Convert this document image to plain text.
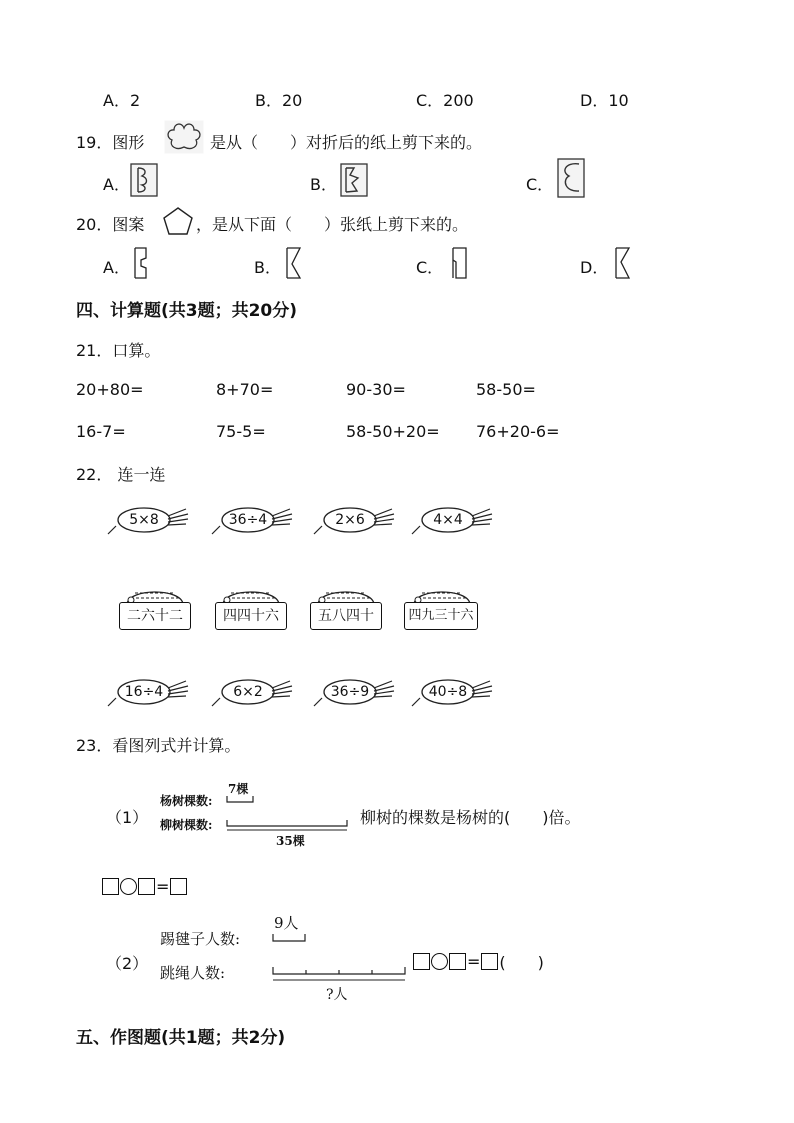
A．2	B．20	C．200	D．10
19．图形	是从（　　）对折后的纸上剪下来的。
A．	B．	C．
20．图案	，是从下面（　　）张纸上剪下来的。
A．	B．	C．	D．
四、计算题(共3题；共20分)
21．口算。
20+80=	8+70=	90-30=	58-50=
16-7=	75-5=	58-50+20= 76+20-6=
22． 连一连
5×8	36÷4	2×6	4×4
二六十二	四四十六	五八四十	四九三十六
16÷4	6×2	36÷9	40÷8
23．看图列式并计算。
（1）
杨树棵数:
7棵
柳树棵数:
35棵
柳树的棵数是杨树的(　　)倍。
=
（2）
踢毽子人数:
9人
跳绳人数:
?人
= (　　)
五、作图题(共1题；共2分)
